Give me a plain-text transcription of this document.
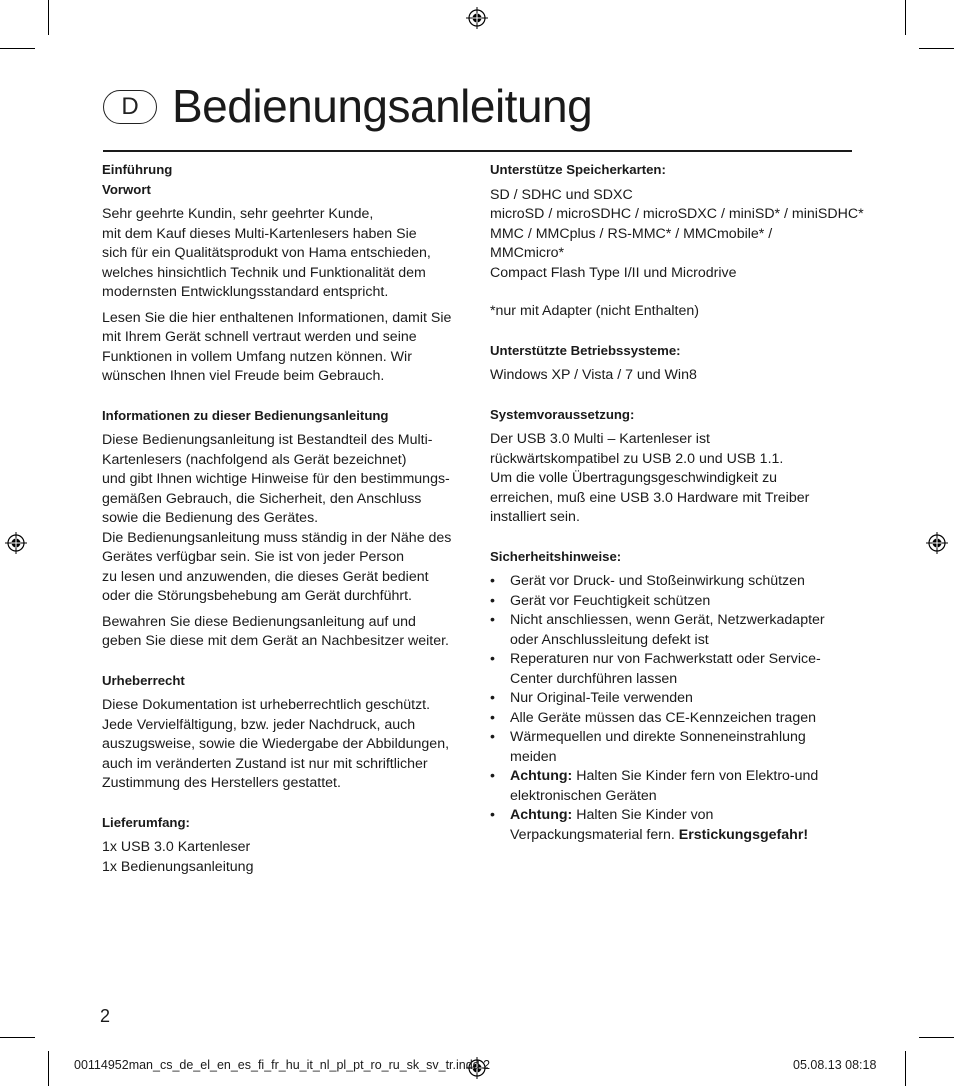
D Bedienungsanleitung

Einführung

Vorwort

Sehr geehrte Kundin, sehr geehrter Kunde,
mit dem Kauf dieses Multi-Kartenlesers haben Sie
sich für ein Qualitätsprodukt von Hama entschieden,
welches hinsichtlich Technik und Funktionalität dem
modernsten Entwicklungsstandard entspricht.

Lesen Sie die hier enthaltenen Informationen, damit Sie
mit Ihrem Gerät schnell vertraut werden und seine
Funktionen in vollem Umfang nutzen können. Wir
wünschen Ihnen viel Freude beim Gebrauch.

Informationen zu dieser Bedienungsanleitung

Diese Bedienungsanleitung ist Bestandteil des Multi-
Kartenlesers (nachfolgend als Gerät bezeichnet)
und gibt Ihnen wichtige Hinweise für den bestimmungs-
gemäßen Gebrauch, die Sicherheit, den Anschluss
sowie die Bedienung des Gerätes.
Die Bedienungsanleitung muss ständig in der Nähe des
Gerätes verfügbar sein. Sie ist von jeder Person
zu lesen und anzuwenden, die dieses Gerät bedient
oder die Störungsbehebung am Gerät durchführt.

Bewahren Sie diese Bedienungsanleitung auf und
geben Sie diese mit dem Gerät an Nachbesitzer weiter.

Urheberrecht

Diese Dokumentation ist urheberrechtlich geschützt.
Jede Vervielfältigung, bzw. jeder Nachdruck, auch
auszugsweise, sowie die Wiedergabe der Abbildungen,
auch im veränderten Zustand ist nur mit schriftlicher
Zustimmung des Herstellers gestattet.

Lieferumfang:

1x USB 3.0 Kartenleser
1x Bedienungsanleitung

Unterstütze Speicherkarten:

SD / SDHC und SDXC
microSD / microSDHC / microSDXC / miniSD* / miniSDHC*
MMC / MMCplus / RS-MMC* / MMCmobile* /
MMCmicro*
Compact Flash Type I/II und Microdrive

*nur mit Adapter (nicht Enthalten)

Unterstützte Betriebssysteme:

Windows XP / Vista / 7 und Win8

Systemvoraussetzung:

Der USB 3.0 Multi – Kartenleser ist
rückwärtskompatibel zu USB 2.0 und USB 1.1.
Um die volle Übertragungsgeschwindigkeit zu
erreichen, muß eine USB 3.0 Hardware mit Treiber
installiert sein.

Sicherheitshinweise:

• Gerät vor Druck- und Stoßeinwirkung schützen
• Gerät vor Feuchtigkeit schützen
• Nicht anschliessen, wenn Gerät, Netzwerkadapter
oder Anschlussleitung defekt ist
• Reperaturen nur von Fachwerkstatt oder Service-
Center durchführen lassen
• Nur Original-Teile verwenden
• Alle Geräte müssen das CE-Kennzeichen tragen
• Wärmequellen und direkte Sonneneinstrahlung
meiden
• Achtung: Halten Sie Kinder fern von Elektro-und
elektronischen Geräten
• Achtung: Halten Sie Kinder von
Verpackungsmaterial fern. Erstickungsgefahr!
2
00114952man_cs_de_el_en_es_fi_fr_hu_it_nl_pl_pt_ro_ru_sk_sv_tr.indd 2	05.08.13 08:18
